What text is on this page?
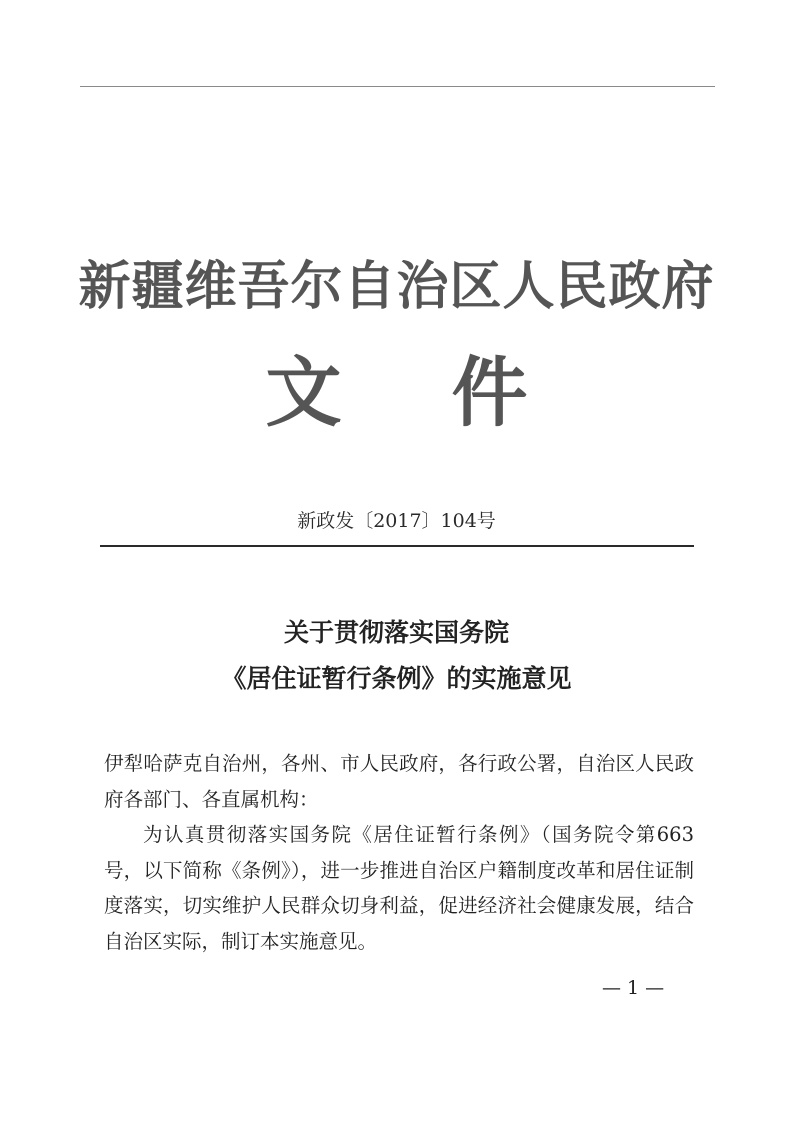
新疆维吾尔自治区人民政府
文件
新政发〔2017〕104号
关于贯彻落实国务院
《居住证暂行条例》的实施意见

伊犁哈萨克自治州，各州、市人民政府，各行政公署，自治区人民政府各部门、各直属机构：

为认真贯彻落实国务院《居住证暂行条例》（国务院令第663号，以下简称《条例》），进一步推进自治区户籍制度改革和居住证制度落实，切实维护人民群众切身利益，促进经济社会健康发展，结合自治区实际，制订本实施意见。

— 1 —
